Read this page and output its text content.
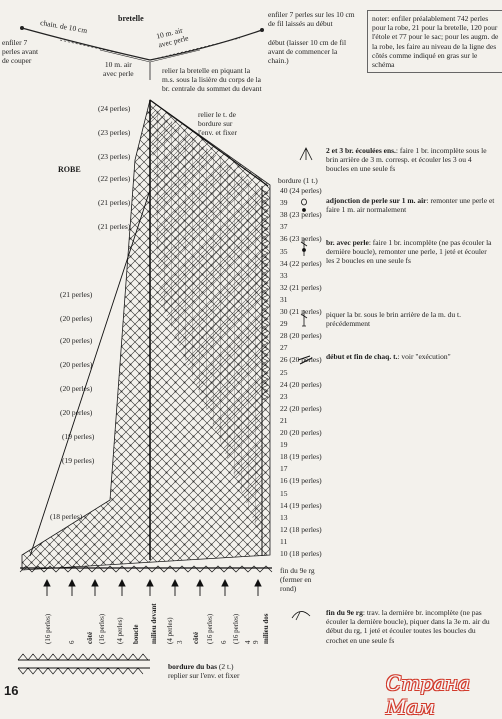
bretelle
chain. de 10 cm	10 m. air
avec perle
10 m. air
avec perle
enfiler 7
perles avant
de couper
enfiler 7 perles sur les 10 cm
de fil laissés au début
début (laisser 10 cm de fil
avant de commencer la
chain.)
relier la bretelle en piquant la
m.s. sous la lisière du corps de la
br. centrale du sommet du devant
noter: enfiler préalablement 742 perles pour la robe, 21 pour la bretelle, 120 pour l'étole et 77 pour le sac; pour les augm. de la robe, les faire au niveau de la ligne des côtés comme indiqué en gras sur le schéma
ROBE
relier le t. de
bordure sur
l'env. et fixer
bordure (1 t.)
fin du 9e rg
(fermer en
rond)
(24 perles)
(23 perles)
(23 perles)
(22 perles)
(21 perles)
(21 perles)
(21 perles)
(20 perles)
(20 perles)
(20 perles)
(20 perles)
(20 perles)
(19 perles)
(19 perles)
(18 perles)
40 (24 perles)
39
38 (23 perles)
37
36 (23 perles)
35
34 (22 perles)
33
32 (21 perles)
31
30 (21 perles)
29
28 (20 perles)
27
26 (20 perles)
25
24 (20 perles)
23
22 (20 perles)
21
20 (20 perles)
19
18 (19 perles)
17
16 (19 perles)
15
14 (19 perles)
13
12 (18 perles)
11
10 (18 perles)
(16 perles) 6 côté (16 perles) (4 perles) boucle milieu devant (4 perles) 3 côté (16 perles) 6 (16 perles) 4 9 milieu dos
bordure du bas (2 t.)
replier sur l'env. et fixer
2 et 3 br. écoulées ens.: faire 1 br. incomplète sous le brin arrière de 3 m. corresp. et écouler les 3 ou 4 boucles en une seule fs
adjonction de perle sur 1 m. air: remonter une perle et faire 1 m. air normalement
br. avec perle: faire 1 br. incomplète (ne pas écouler la dernière boucle), remonter une perle, 1 jeté et écouler les 2 boucles en une seule fs
piquer la br. sous le brin arrière de la m. du t. précédemment
début et fin de chaq. t.: voir "exécution"
fin du 9e rg: trav. la dernière br. incomplète (ne pas écouler la dernière boucle), piquer dans la 3e m. air du début du rg, 1 jeté et écouler toutes les boucles du crochet en une seule fs
16	Страна Мам
